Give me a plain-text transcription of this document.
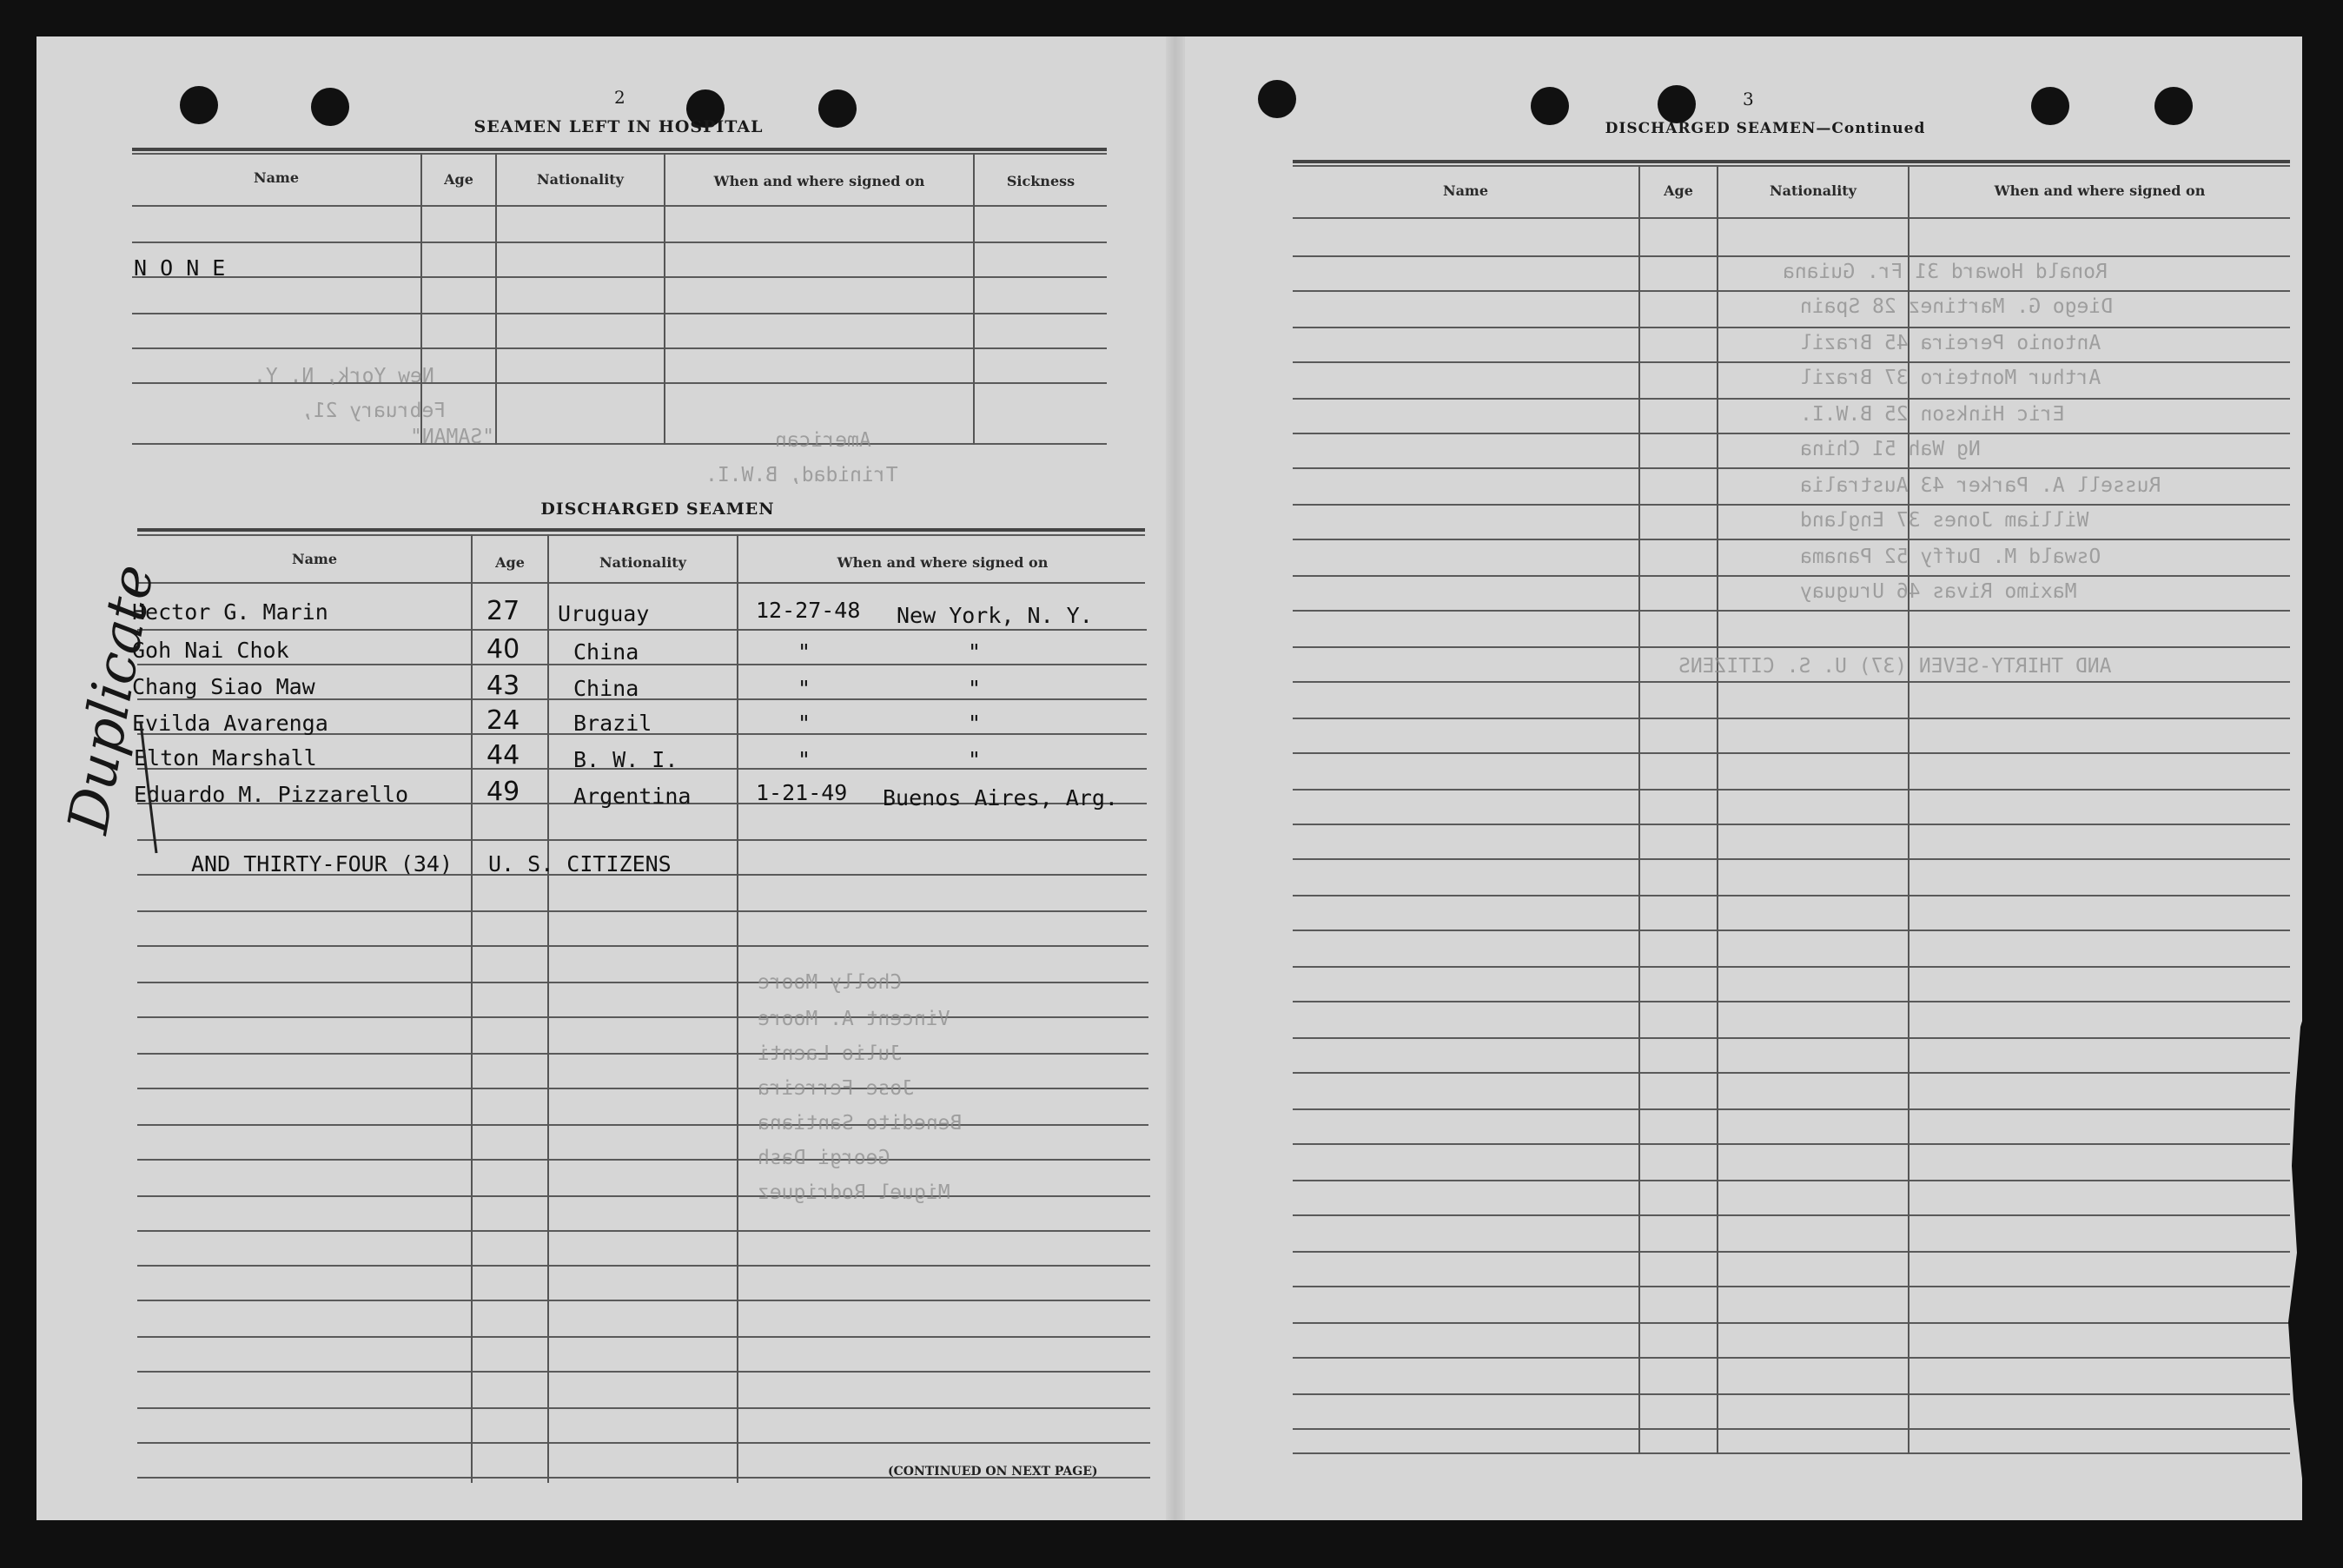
2
SEAMEN LEFT IN HOSPITAL
Name	Age	Nationality	When and where signed on	Sickness
N O N E
New York, N. Y.
February 21,
"SAMAN"	American
Trinidad, B.W.I.
DISCHARGED SEAMEN
Name	Age	Nationality	When and where signed on
Hector G. Marin	27 Uruguay	12-27-48 New York, N. Y.
Goh Nai Chok	40 China	"	"
Chang Siao Maw	43 China	"	"
Evilda Avarenga	24 Brazil	"	"
Elton Marshall	44 B. W. I.	"	"
Eduardo M. Pizzarello	49 Argentina	1-21-49 Buenos Aires, Arg.
AND THIRTY-FOUR (34) U. S. CITIZENS
Cholly Moore
Vincent A. Moore
Julio Laenti
Jose Ferreira
Benedito Santiana
Georgi Dash
Miguel Rodriguez
Duplicate
(CONTINUED ON NEXT PAGE)
3
DISCHARGED SEAMEN—Continued
Name	Age	Nationality	When and where signed on
Ronald Howard 31 Fr. Guiana
Diego G. Martinez 28 Spain
Antonio Pereira 45 Brazil
Arthur Monteiro 37 Brazil
Eric Hinkson 25 B.W.I.
Ng Wah 51 China
Russell A. Parker 43 Australia
William Jones 37 England
Oswald M. Duffy 52 Panama
Maximo Rivas 46 Uruguay
AND THIRTY-SEVEN (37) U. S. CITIZENS
